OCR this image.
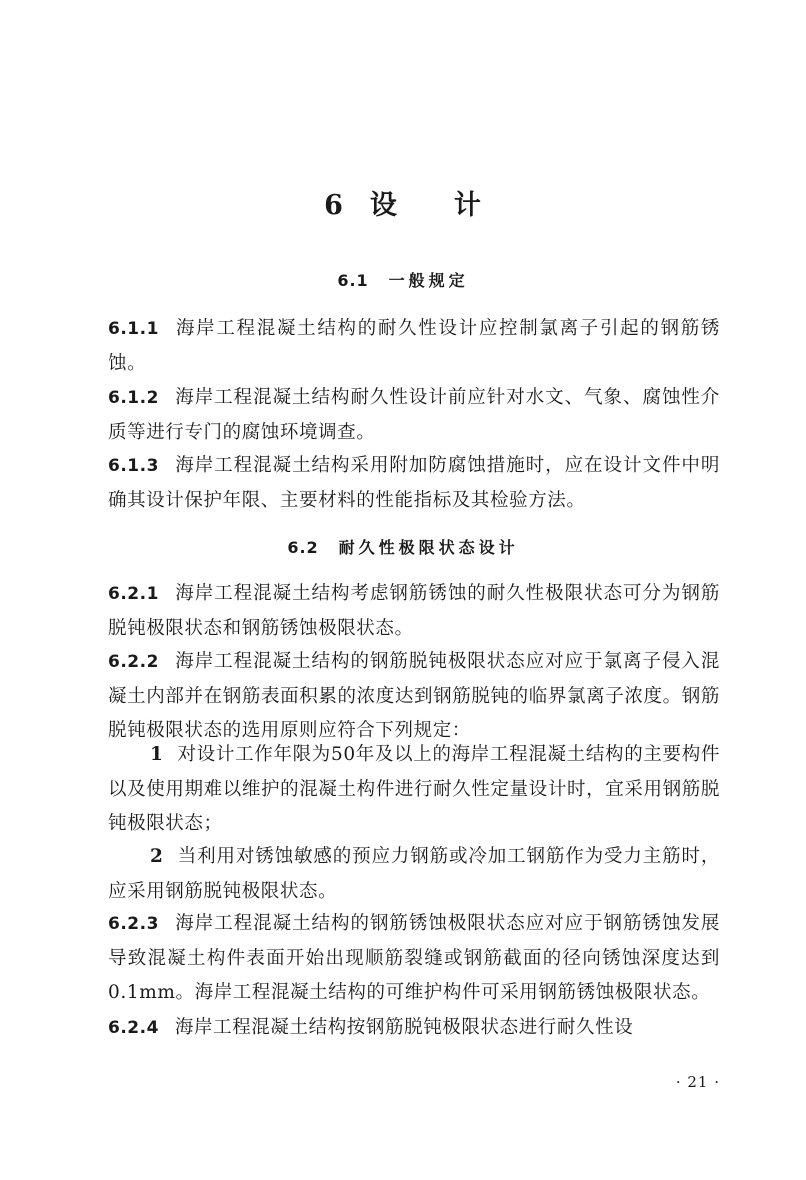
6 设 计
6.1 一般规定
6.1.1 海岸工程混凝土结构的耐久性设计应控制氯离子引起的钢筋锈蚀。
6.1.2 海岸工程混凝土结构耐久性设计前应针对水文、气象、腐蚀性介质等进行专门的腐蚀环境调查。
6.1.3 海岸工程混凝土结构采用附加防腐蚀措施时，应在设计文件中明确其设计保护年限、主要材料的性能指标及其检验方法。
6.2 耐久性极限状态设计
6.2.1 海岸工程混凝土结构考虑钢筋锈蚀的耐久性极限状态可分为钢筋脱钝极限状态和钢筋锈蚀极限状态。
6.2.2 海岸工程混凝土结构的钢筋脱钝极限状态应对应于氯离子侵入混凝土内部并在钢筋表面积累的浓度达到钢筋脱钝的临界氯离子浓度。钢筋脱钝极限状态的选用原则应符合下列规定：
1 对设计工作年限为50年及以上的海岸工程混凝土结构的主要构件以及使用期难以维护的混凝土构件进行耐久性定量设计时，宜采用钢筋脱钝极限状态；
2 当利用对锈蚀敏感的预应力钢筋或冷加工钢筋作为受力主筋时，应采用钢筋脱钝极限状态。
6.2.3 海岸工程混凝土结构的钢筋锈蚀极限状态应对应于钢筋锈蚀发展导致混凝土构件表面开始出现顺筋裂缝或钢筋截面的径向锈蚀深度达到0.1mm。海岸工程混凝土结构的可维护构件可采用钢筋锈蚀极限状态。
6.2.4 海岸工程混凝土结构按钢筋脱钝极限状态进行耐久性设
· 21 ·
